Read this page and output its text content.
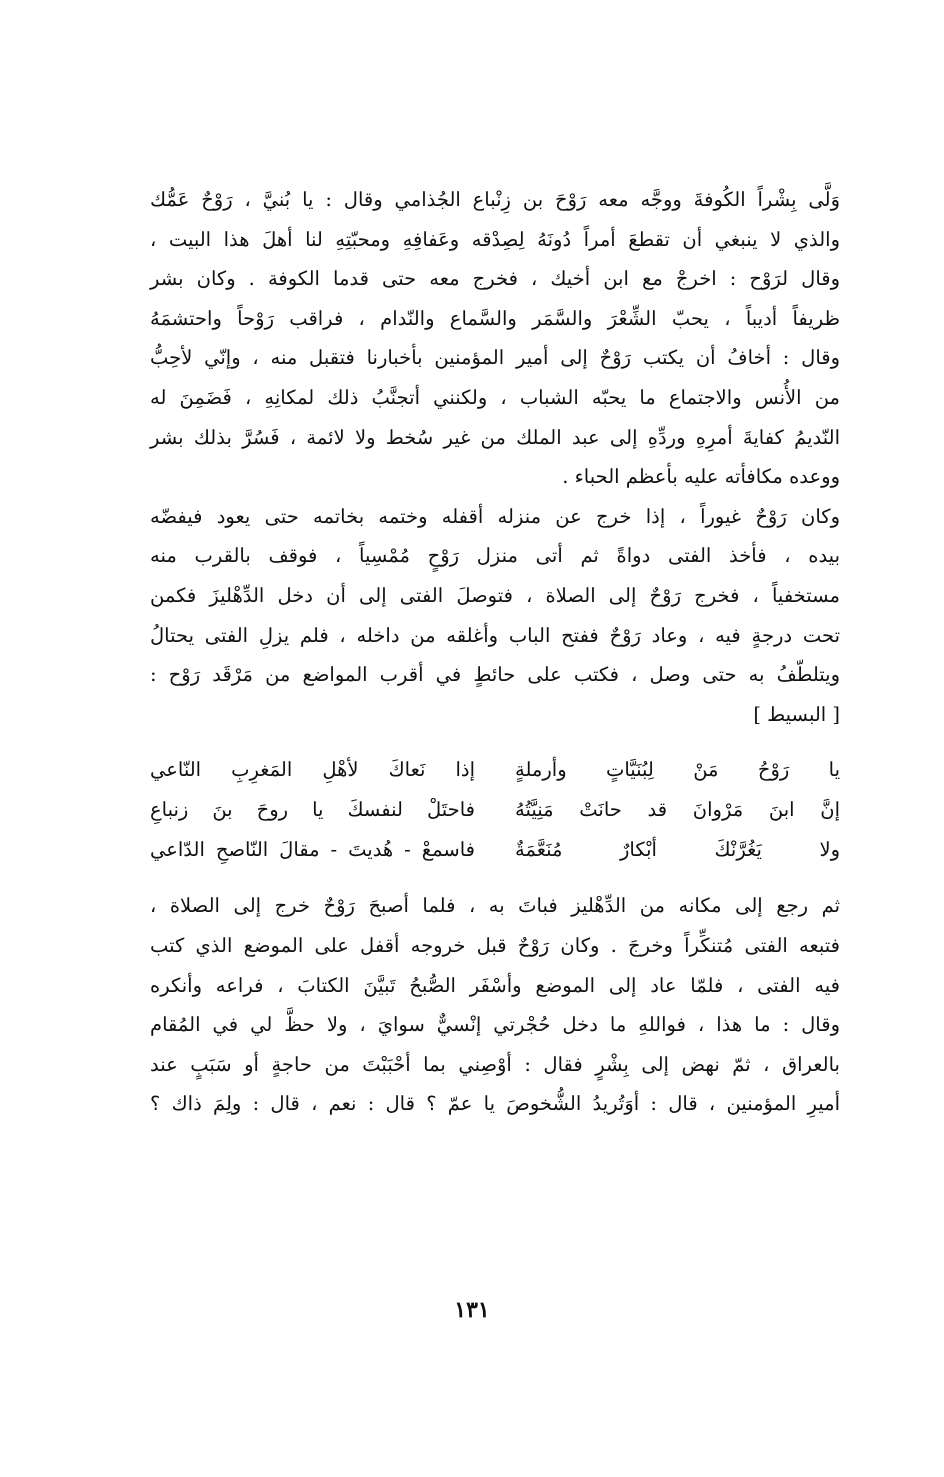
وَلَّى بِشْراً الكُوفةَ ووجَّه معه رَوْحَ بن زِنْباع الجُذامي وقال : يا بُنيَّ ، رَوْحٌ عَمُّك
والذي لا ينبغي أن تقطعَ أمراً دُونَهُ لِصِدْقه وعَفافِهِ ومحبّتِهِ لنا أهلَ هذا البيت ،
وقال لرَوْح : اخرجْ مع ابن أخيك ، فخرج معه حتى قدما الكوفة . وكان بشر
ظريفاً أديباً ، يحبّ الشِّعْرَ والسَّمَر والسَّماع والنّدام ، فراقب رَوْحاً واحتشمَهُ
وقال : أخافُ أن يكتب رَوْحٌ إلى أمير المؤمنين بأخبارنا فتقبل منه ، وإنّي لأحِبُّ
من الأُنس والاجتماع ما يحبّه الشباب ، ولكنني أتجنَّبُ ذلك لمكانِهِ ، فَضَمِنَ له
النّديمُ كفايةَ أمرِهِ وردِّهِ إلى عبد الملك من غير سُخط ولا لائمة ، فَسُرَّ بذلك بشر
ووعده مكافأته عليه بأعظم الحباء .

وكان رَوْحٌ غيوراً ، إذا خرج عن منزله أقفله وختمه بخاتمه حتى يعود فيفضّه
بيده ، فأخذ الفتى دواةً ثم أتى منزل رَوْحٍ مُمْسِياً ، فوقف بالقرب منه
مستخفياً ، فخرج رَوْحٌ إلى الصلاة ، فتوصلَ الفتى إلى أن دخل الدِّهْليزَ فكمن
تحت درجةٍ فيه ، وعاد رَوْحٌ ففتح الباب وأغلقه من داخله ، فلم يزلِ الفتى يحتالُ
ويتلطّفُ به حتى وصل ، فكتب على حائطٍ في أقرب المواضع من مَرْقَد رَوْح :

[ البسيط ]
يا رَوْحُ مَنْ لِبُنَيَّاتٍ وأرملةٍ
إذا نَعاكَ لأهْلِ المَغرِبِ النّاعي
إنَّ ابنَ مَرْوانَ قد حانَتْ مَنِيَّتُهُ
فاحتَلْ لنفسكَ يا روحَ بنَ زنباعِ
ولا يَغُرَّنْكَ أبْكارٌ مُنَعَّمَةٌ
فاسمعْ - هُديتَ - مقالَ النّاصحِ الدّاعي

ثم رجع إلى مكانه من الدِّهْليز فباتَ به ، فلما أصبحَ رَوْحٌ خرج إلى الصلاة ،
فتبعه الفتى مُتنكِّراً وخرجَ . وكان رَوْحٌ قبل خروجه أقفل على الموضع الذي كتب
فيه الفتى ، فلمّا عاد إلى الموضع وأسْفَر الصُّبحُ تَبيَّنَ الكتابَ ، فراعه وأنكره
وقال : ما هذا ، فواللهِ ما دخل حُجْرتي إنْسيٌّ سوايَ ، ولا حظَّ لي في المُقام
بالعراق ، ثمّ نهض إلى بِشْرٍ فقال : أوْصِني بما أحْبَبْتَ من حاجةٍ أو سَبَبٍ عند
أميرِ المؤمنين ، قال : أوَتُريدُ الشُّخوصَ يا عمّ ؟ قال : نعم ، قال : ولِمَ ذاك ؟

١٣١
